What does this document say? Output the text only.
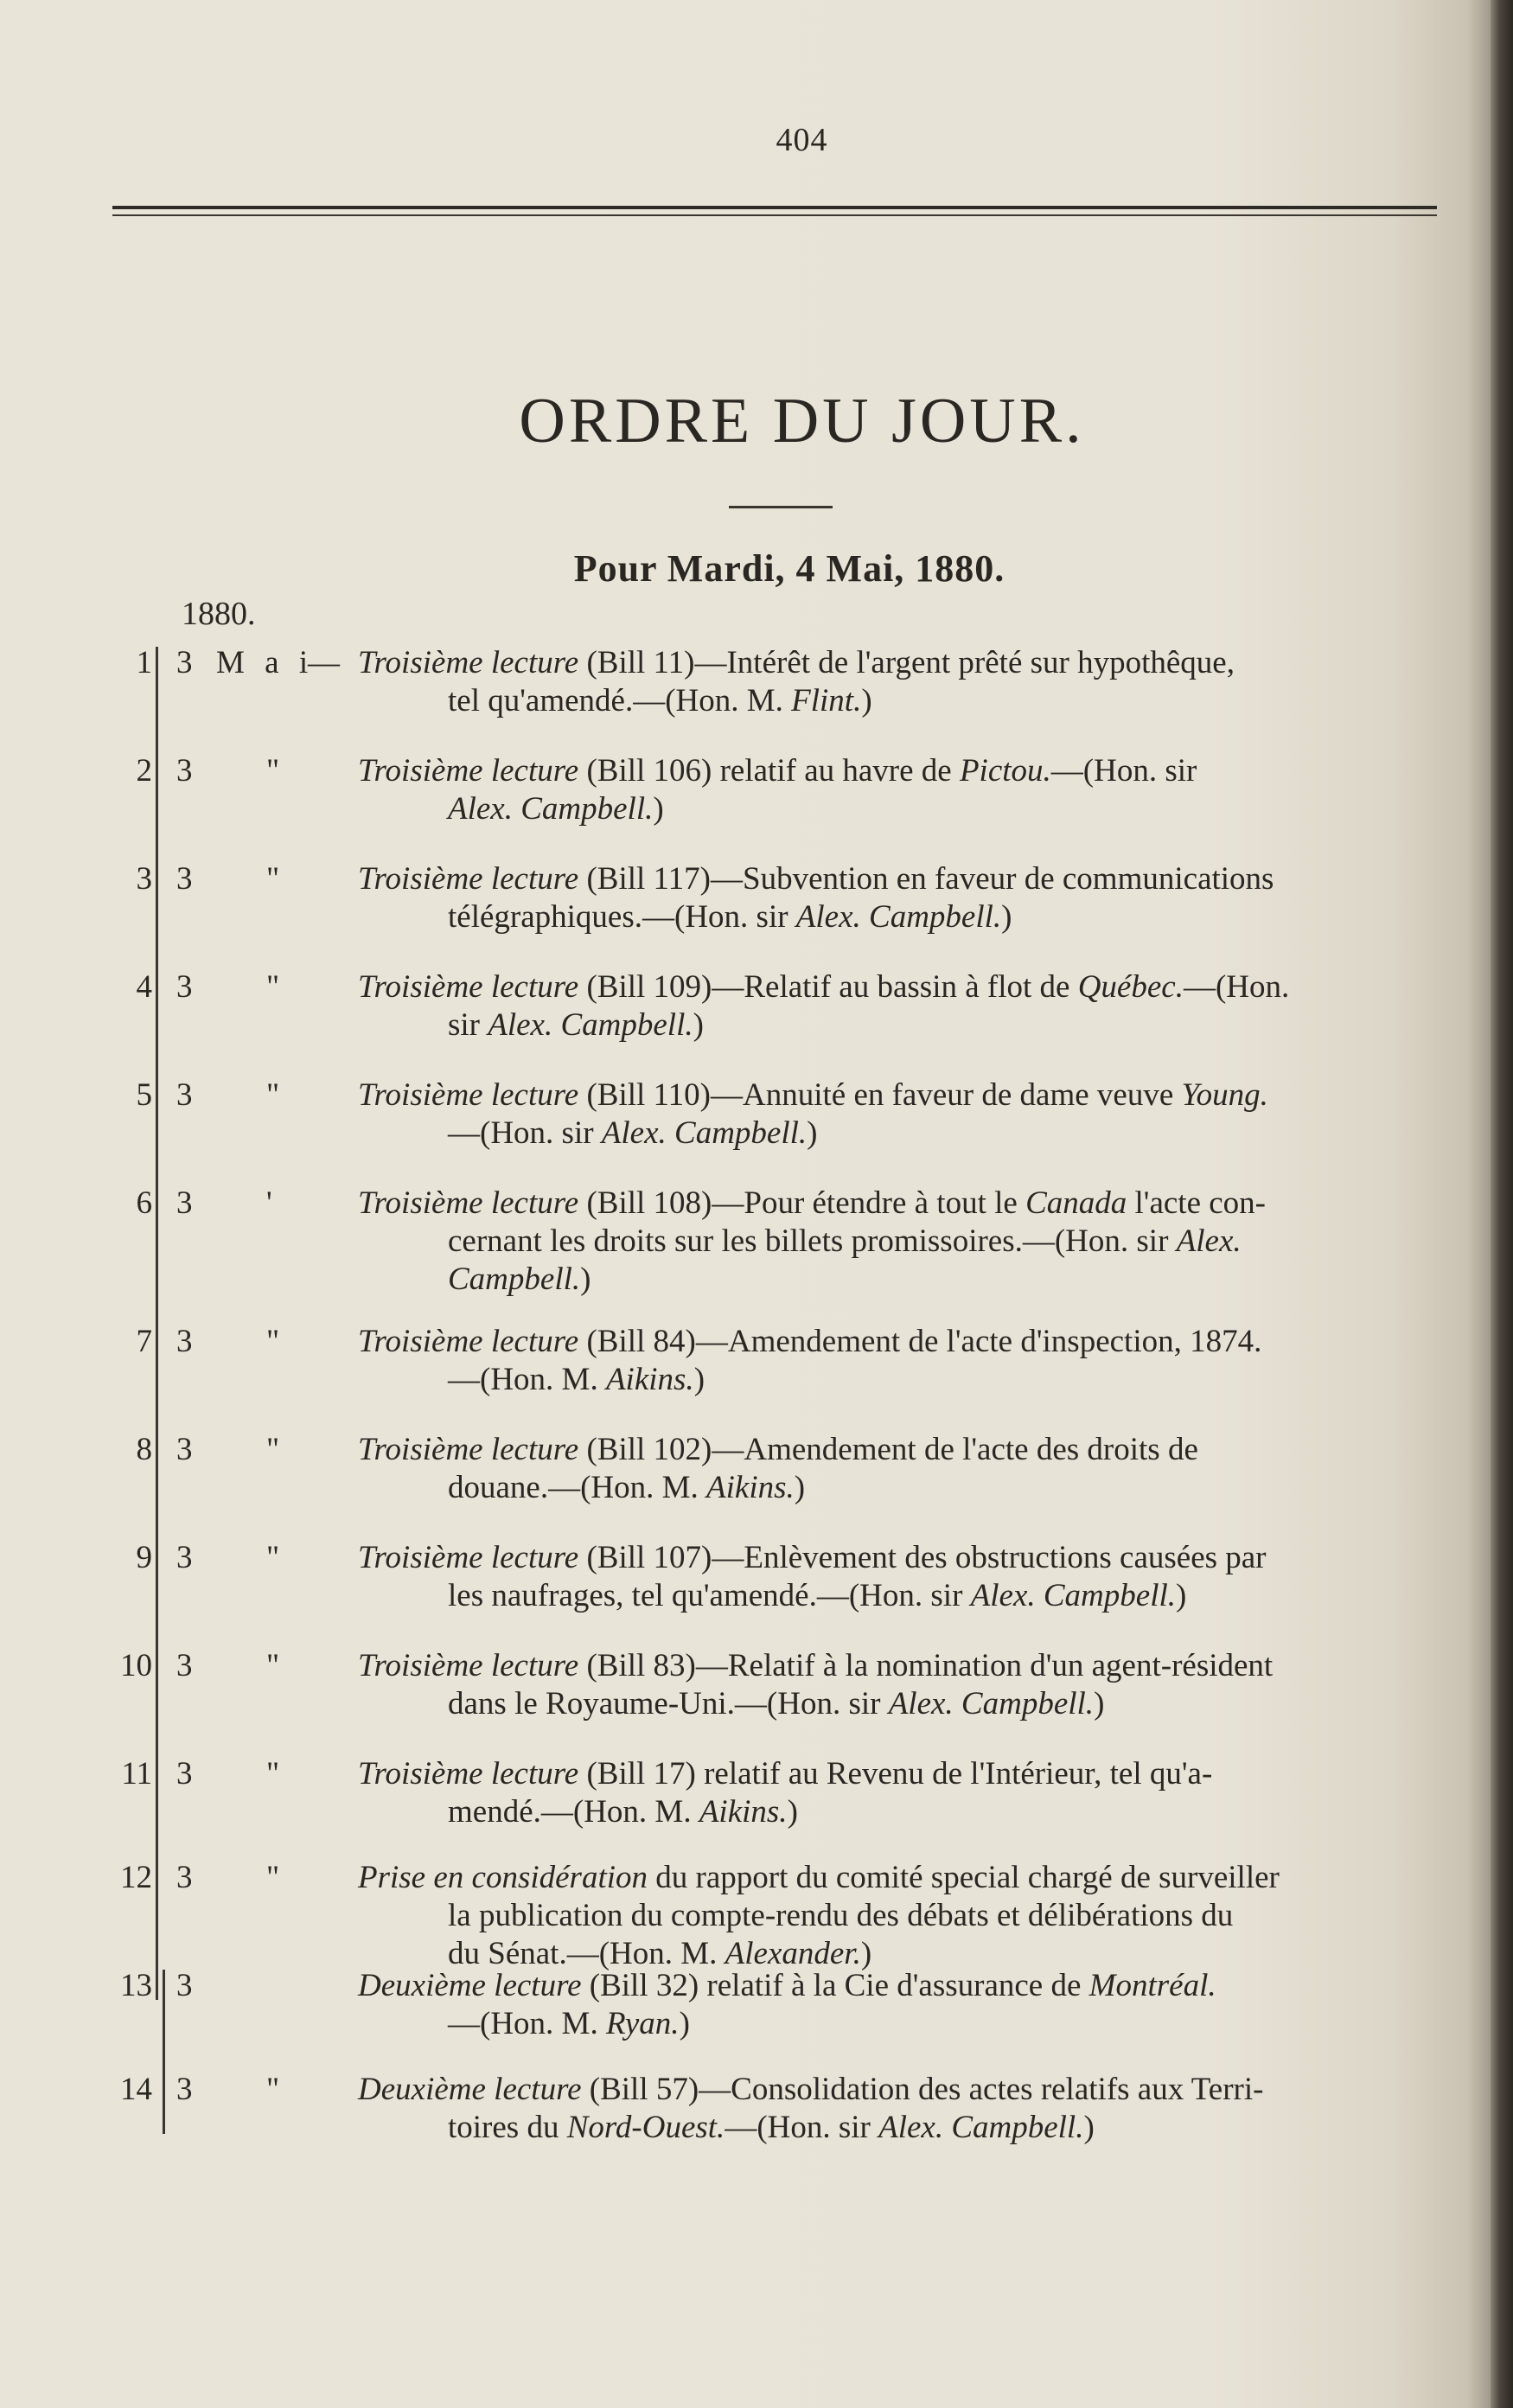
404
ORDRE DU JOUR.
Pour Mardi, 4 Mai, 1880.
1880.
1 3 M a i
— Troisième lecture (Bill 11)—Intérêt de l'argent prêté sur hypothêque,
tel qu'amendé.—(Hon. M. Flint.)
2 3 " Troisième lecture (Bill 106) relatif au havre de Pictou.—(Hon. sir
Alex. Campbell.)
3 3 " Troisième lecture (Bill 117)—Subvention en faveur de communications
télégraphiques.—(Hon. sir Alex. Campbell.)
4 3 " Troisième lecture (Bill 109)—Relatif au bassin à flot de Québec.—(Hon.
sir Alex. Campbell.)
5 3 " Troisième lecture (Bill 110)—Annuité en faveur de dame veuve Young.
—(Hon. sir Alex. Campbell.)
6 3 '	Troisième lecture (Bill 108)—Pour étendre à tout le Canada l'acte con-
cernant les droits sur les billets promissoires.—(Hon. sir Alex.
Campbell.)
7 3 " Troisième lecture (Bill 84)—Amendement de l'acte d'inspection, 1874.
—(Hon. M. Aikins.)
8 3 " Troisième lecture (Bill 102)—Amendement de l'acte des droits de
douane.—(Hon. M. Aikins.)
9 3 " Troisième lecture (Bill 107)—Enlèvement des obstructions causées par
les naufrages, tel qu'amendé.—(Hon. sir Alex. Campbell.)
10 3 " Troisième lecture (Bill 83)—Relatif à la nomination d'un agent-résident
dans le Royaume-Uni.—(Hon. sir Alex. Campbell.)
11 3 " Troisième lecture (Bill 17) relatif au Revenu de l'Intérieur, tel qu'a-
mendé.—(Hon. M. Aikins.)
12 3 " Prise en considération du rapport du comité special chargé de surveiller
la publication du compte-rendu des débats et délibérations du
du Sénat.—(Hon. M. Alexander.)
13 3	Deuxième lecture (Bill 32) relatif à la Cie d'assurance de Montréal.
—(Hon. M. Ryan.)
14 3 " Deuxième lecture (Bill 57)—Consolidation des actes relatifs aux Terri-
toires du Nord-Ouest.—(Hon. sir Alex. Campbell.)
